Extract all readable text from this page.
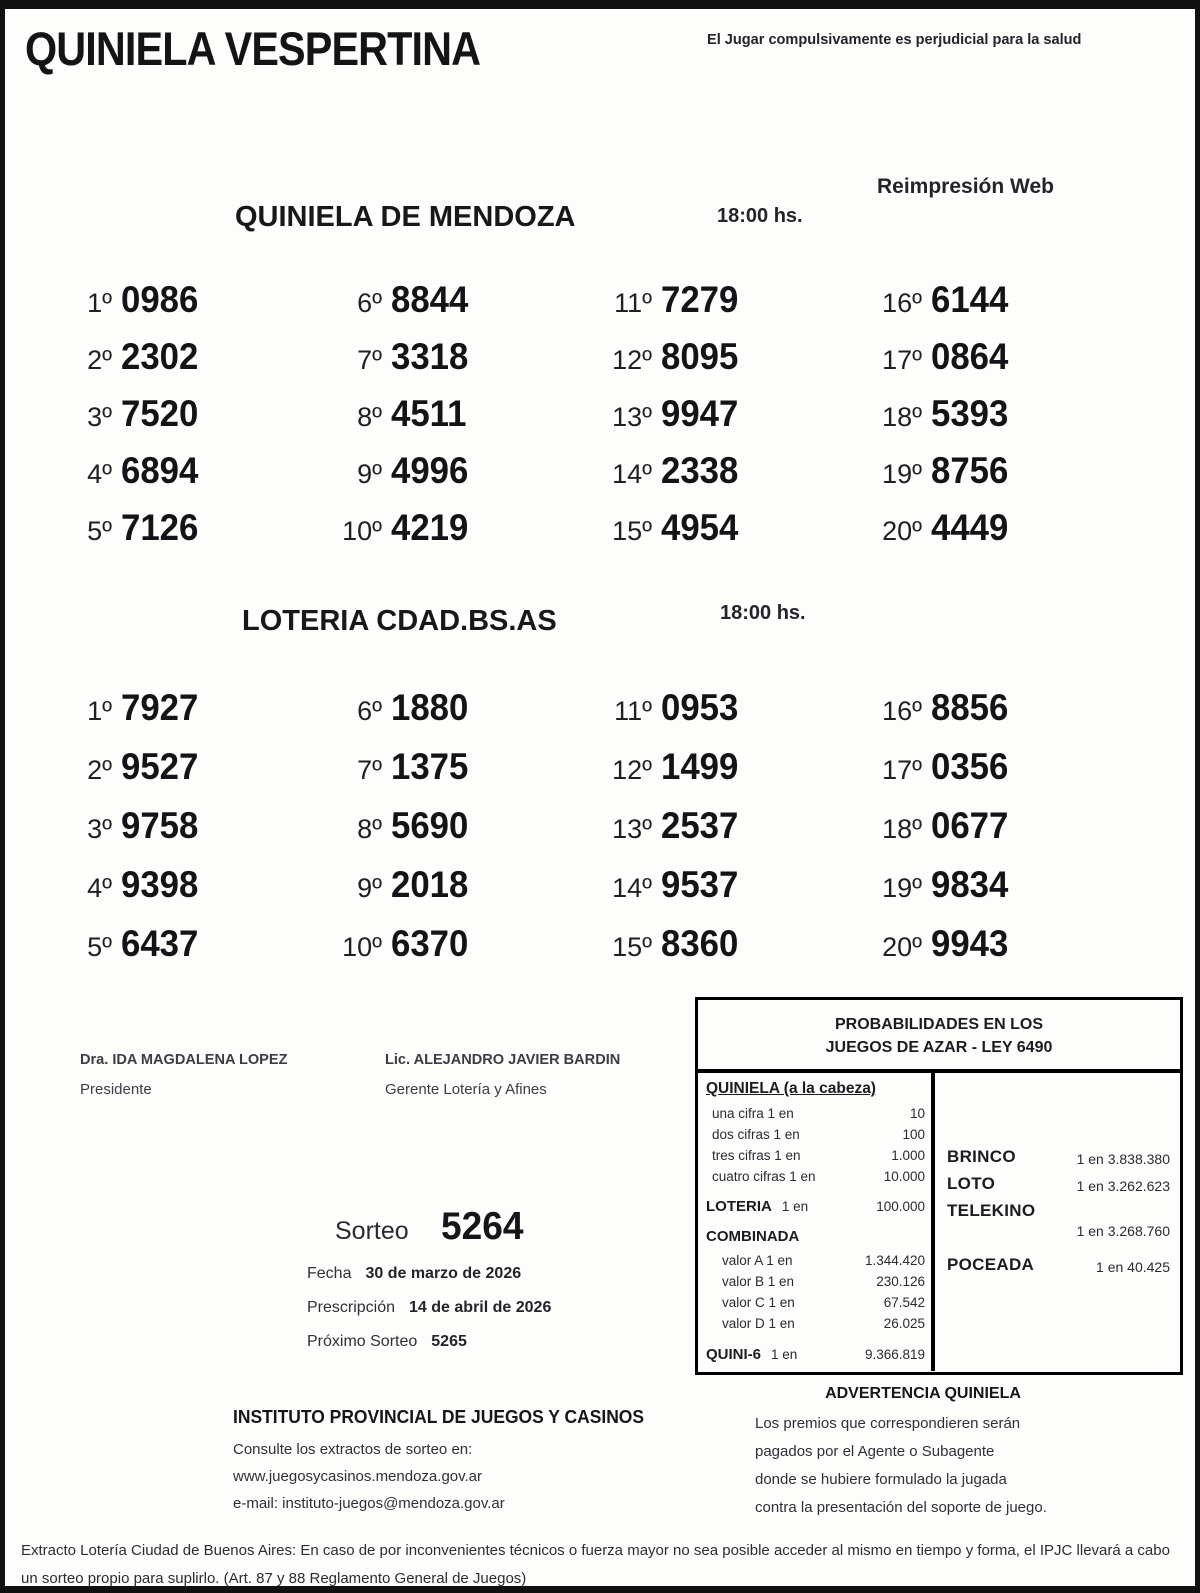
QUINIELA VESPERTINA	El Jugar compulsivamente es perjudicial para la salud
Reimpresión Web
QUINIELA DE MENDOZA	18:00 hs.
1º 0986
2º 2302
3º 7520
4º 6894
5º 7126
6º 8844
7º 3318
8º 4511
9º 4996
10º 4219
11º 7279
12º 8095
13º 9947
14º 2338
15º 4954
16º 6144
17º 0864
18º 5393
19º 8756
20º 4449
LOTERIA CDAD.BS.AS	18:00 hs.
1º 7927
2º 9527
3º 9758
4º 9398
5º 6437
6º 1880
7º 1375
8º 5690
9º 2018
10º 6370
11º 0953
12º 1499
13º 2537
14º 9537
15º 8360
16º 8856
17º 0356
18º 0677
19º 9834
20º 9943
Dra. IDA MAGDALENA LOPEZ
Presidente
Lic. ALEJANDRO JAVIER BARDIN
Gerente Lotería y Afines
PROBABILIDADES EN LOS
JUEGOS DE AZAR - LEY 6490
QUINIELA (a la cabeza)
una cifra 1 en	10
dos cifras 1 en	100
tres cifras 1 en	1.000
cuatro cifras 1 en	10.000
LOTERIA 1 en	100.000
COMBINADA
valor A 1 en	1.344.420
valor B 1 en	230.126
valor C 1 en	67.542
valor D 1 en	26.025
QUINI-6 1 en	9.366.819
BRINCO	1 en 3.838.380
LOTO	1 en 3.262.623
TELEKINO
1 en 3.268.760
POCEADA	1 en 40.425
Sorteo 5264
Fecha 30 de marzo de 2026
Prescripción 14 de abril de 2026
Próximo Sorteo 5265
INSTITUTO PROVINCIAL DE JUEGOS Y CASINOS
Consulte los extractos de sorteo en:
www.juegosycasinos.mendoza.gov.ar
e-mail: instituto-juegos@mendoza.gov.ar
ADVERTENCIA QUINIELA
Los premios que correspondieren serán
pagados por el Agente o Subagente
donde se hubiere formulado la jugada
contra la presentación del soporte de juego.
Extracto Lotería Ciudad de Buenos Aires: En caso de por inconvenientes técnicos o fuerza mayor no sea posible acceder al mismo en tiempo y forma, el IPJC llevará a cabo un sorteo propio para suplirlo. (Art. 87 y 88 Reglamento General de Juegos)
